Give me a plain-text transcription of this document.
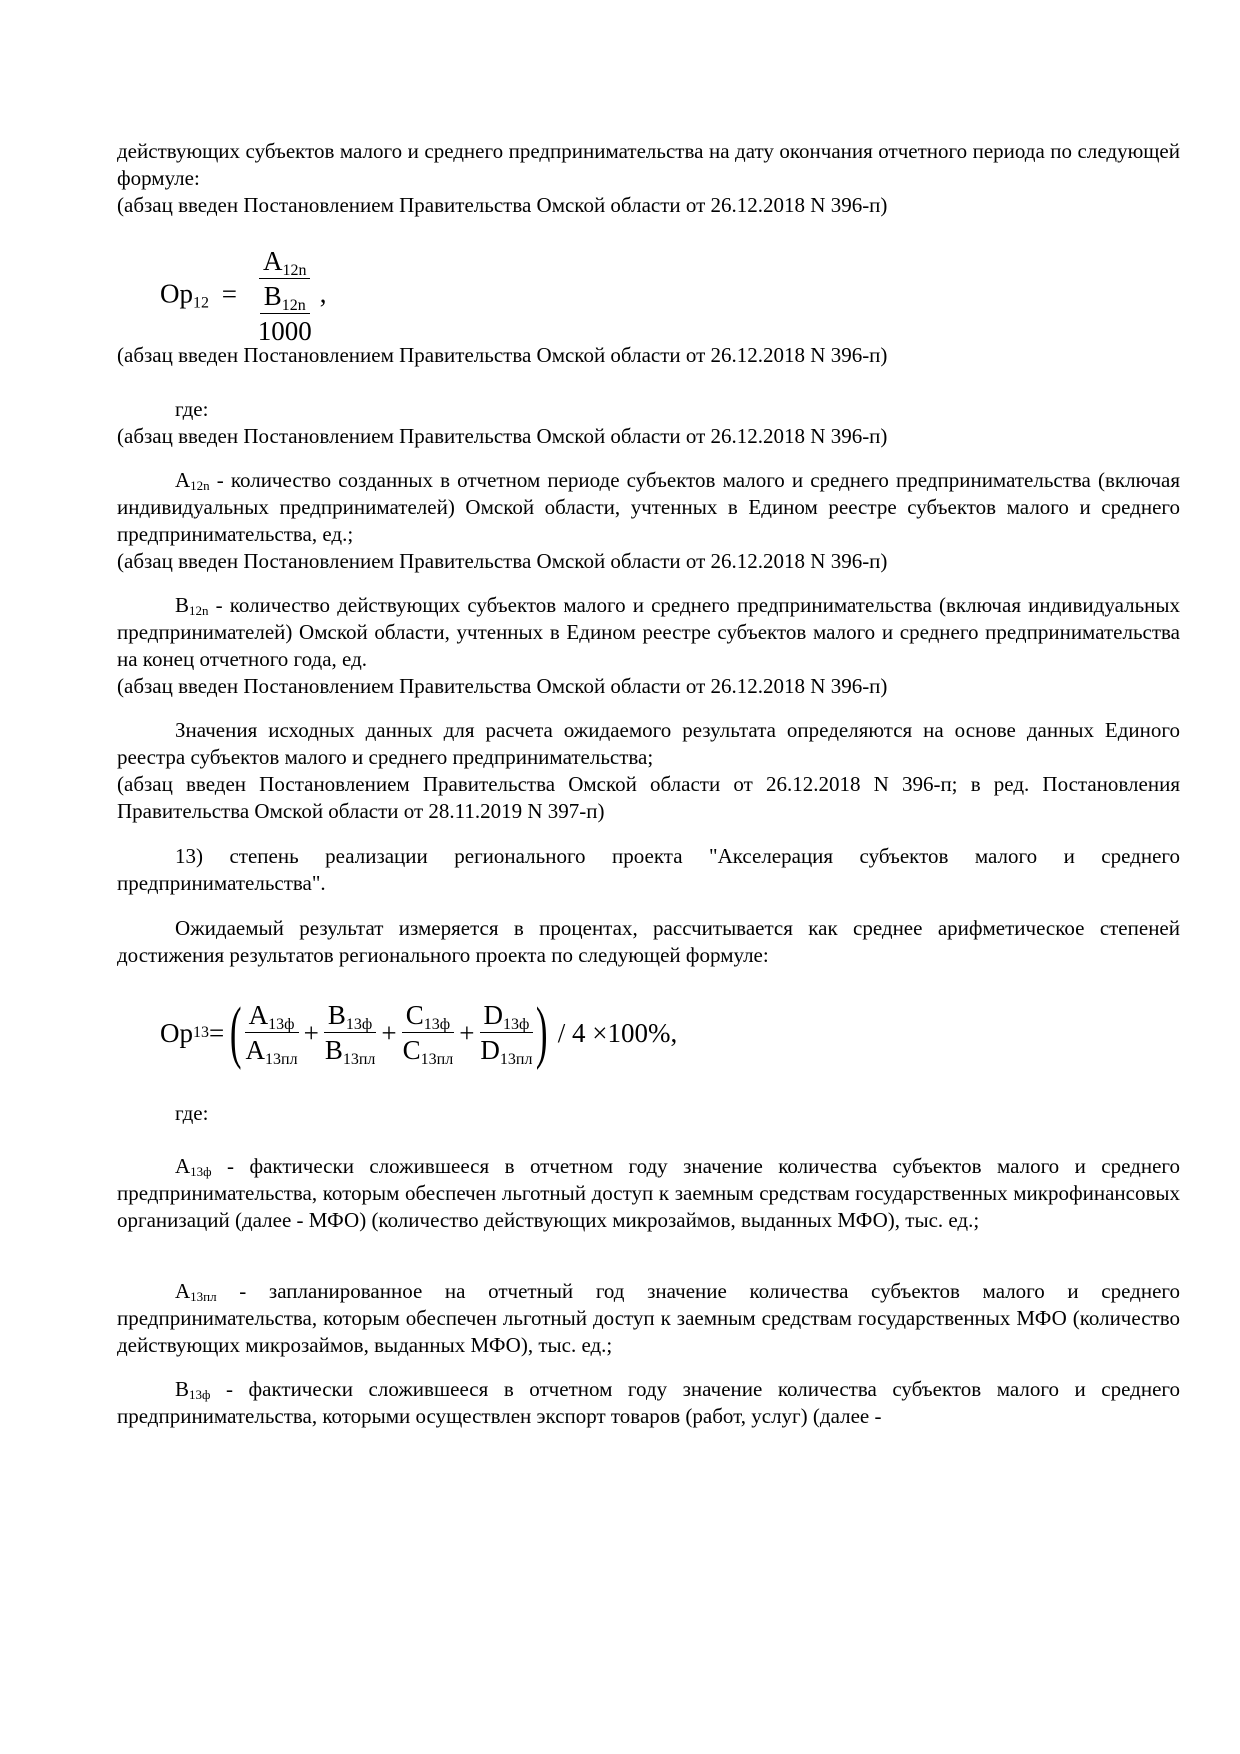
действующих субъектов малого и среднего предпринимательства на дату окончания отчетного периода по следующей формуле:
(абзац введен Постановлением Правительства Омской области от 26.12.2018 N 396-п)
$Op_{12} = \frac{A_{12n}}{\frac{B_{12n}}{1000}}$ ,
(абзац введен Постановлением Правительства Омской области от 26.12.2018 N 396-п)
где:
(абзац введен Постановлением Правительства Омской области от 26.12.2018 N 396-п)
$A_{12n}$ - количество созданных в отчетном периоде субъектов малого и среднего предпринимательства (включая индивидуальных предпринимателей) Омской области, учтенных в Едином реестре субъектов малого и среднего предпринимательства, ед.;
(абзац введен Постановлением Правительства Омской области от 26.12.2018 N 396-п)
$B_{12n}$ - количество действующих субъектов малого и среднего предпринимательства (включая индивидуальных предпринимателей) Омской области, учтенных в Едином реестре субъектов малого и среднего предпринимательства на конец отчетного года, ед.
(абзац введен Постановлением Правительства Омской области от 26.12.2018 N 396-п)
Значения исходных данных для расчета ожидаемого результата определяются на основе данных Единого реестра субъектов малого и среднего предпринимательства;
(абзац введен Постановлением Правительства Омской области от 26.12.2018 N 396-п; в ред. Постановления Правительства Омской области от 28.11.2019 N 397-п)
13) степень реализации регионального проекта "Акселерация субъектов малого и среднего предпринимательства".
Ожидаемый результат измеряется в процентах, рассчитывается как среднее арифметическое степеней достижения результатов регионального проекта по следующей формуле:
Op 13 = ( $\frac{A_{13ф}}{A_{13пл}} + \frac{B_{13ф}}{B_{13пл}} + \frac{C_{13ф}}{C_{13пл}} + \frac{D_{13ф}}{D_{13пл}}$ ) / 4 ×100%,
где:
$A_{13ф}$ - фактически сложившееся в отчетном году значение количества субъектов малого и среднего предпринимательства, которым обеспечен льготный доступ к заемным средствам государственных микрофинансовых организаций (далее - МФО) (количество действующих микрозаймов, выданных МФО), тыс. ед.;
$A_{13пл}$ - запланированное на отчетный год значение количества субъектов малого и среднего предпринимательства, которым обеспечен льготный доступ к заемным средствам государственных МФО (количество действующих микрозаймов, выданных МФО), тыс. ед.;
$B_{13ф}$ - фактически сложившееся в отчетном году значение количества субъектов малого и среднего предпринимательства, которыми осуществлен экспорт товаров (работ, услуг) (далее -
